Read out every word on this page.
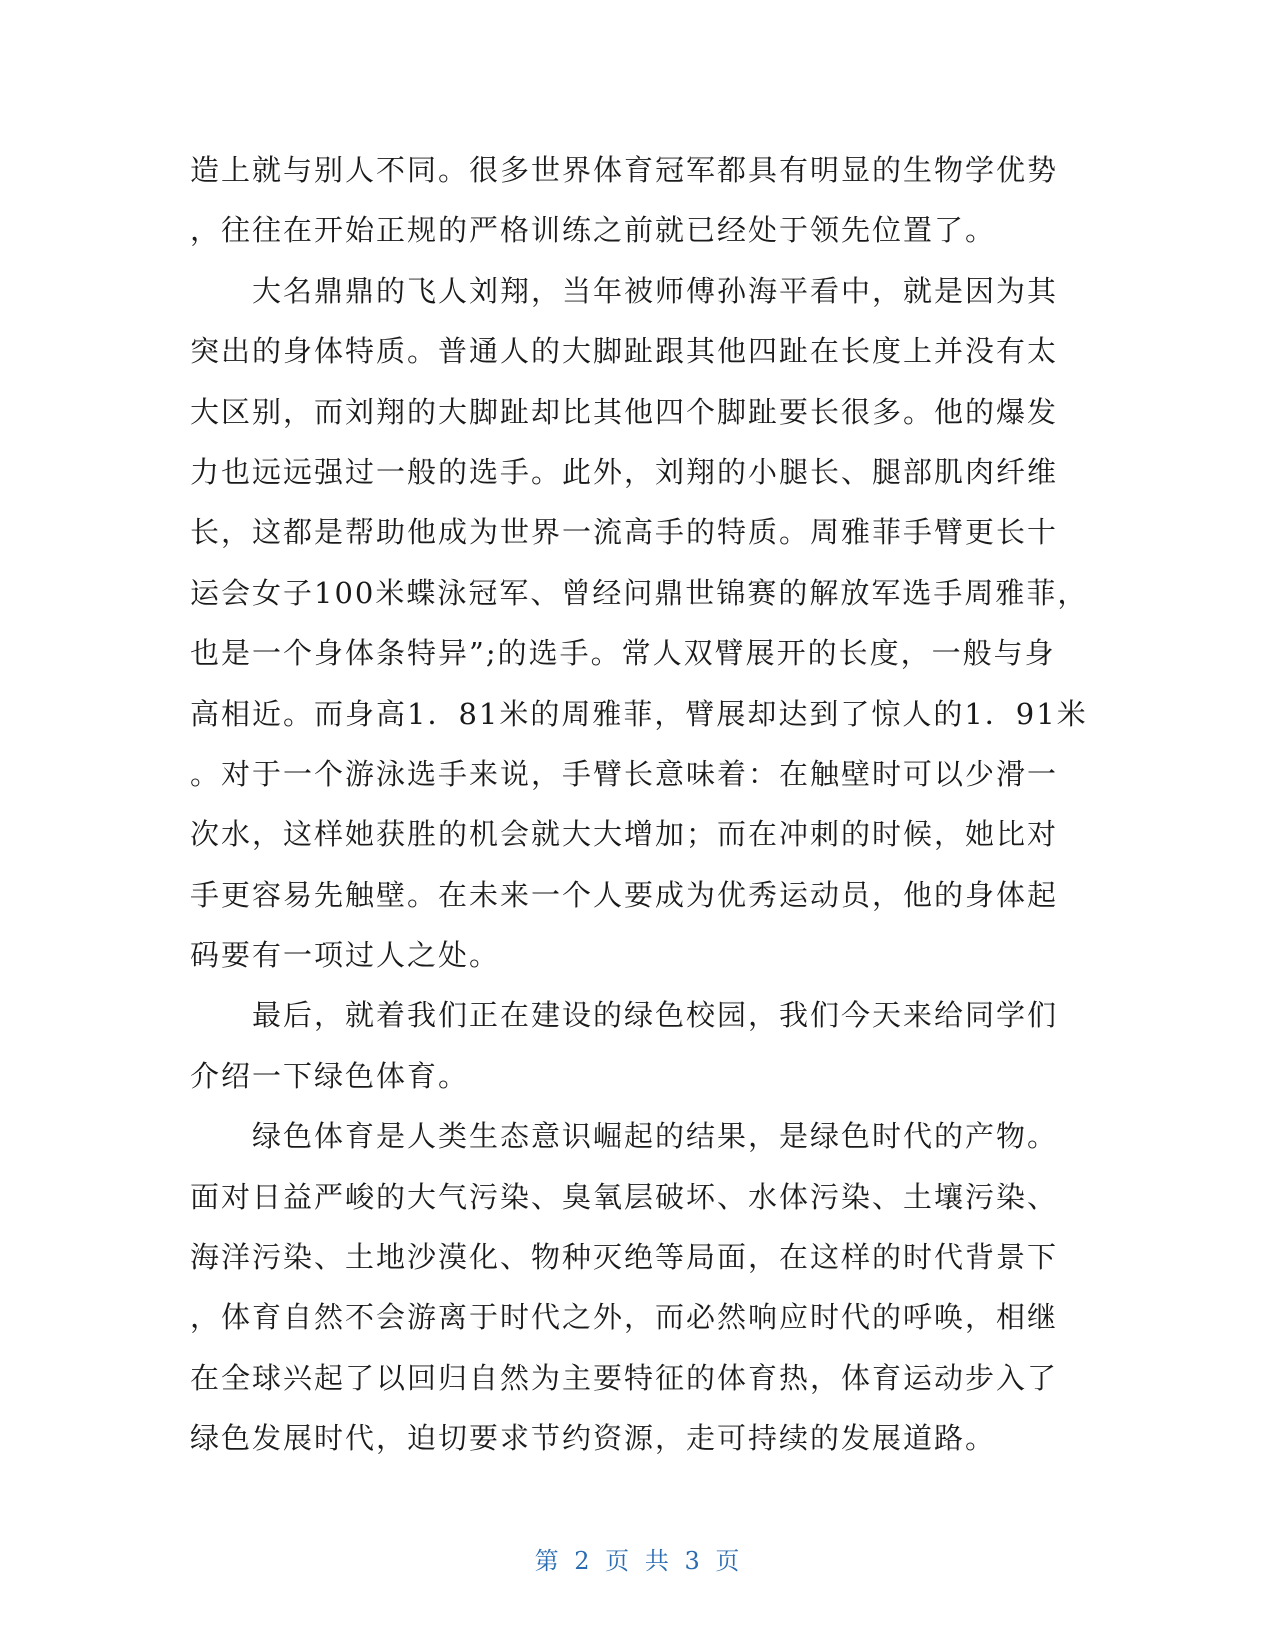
造上就与别人不同。很多世界体育冠军都具有明显的生物学优势
，往往在开始正规的严格训练之前就已经处于领先位置了。
大名鼎鼎的飞人刘翔，当年被师傅孙海平看中，就是因为其
突出的身体特质。普通人的大脚趾跟其他四趾在长度上并没有太
大区别，而刘翔的大脚趾却比其他四个脚趾要长很多。他的爆发
力也远远强过一般的选手。此外，刘翔的小腿长、腿部肌肉纤维
长，这都是帮助他成为世界一流高手的特质。周雅菲手臂更长十
运会女子100米蝶泳冠军、曾经问鼎世锦赛的解放军选手周雅菲，
也是一个身体条特异”;的选手。常人双臂展开的长度，一般与身
高相近。而身高1．81米的周雅菲，臂展却达到了惊人的1．91米
。对于一个游泳选手来说，手臂长意味着：在触壁时可以少滑一
次水，这样她获胜的机会就大大增加；而在冲刺的时候，她比对
手更容易先触壁。在未来一个人要成为优秀运动员，他的身体起
码要有一项过人之处。
最后，就着我们正在建设的绿色校园，我们今天来给同学们
介绍一下绿色体育。
绿色体育是人类生态意识崛起的结果，是绿色时代的产物。
面对日益严峻的大气污染、臭氧层破坏、水体污染、土壤污染、
海洋污染、土地沙漠化、物种灭绝等局面，在这样的时代背景下
，体育自然不会游离于时代之外，而必然响应时代的呼唤，相继
在全球兴起了以回归自然为主要特征的体育热，体育运动步入了
绿色发展时代，迫切要求节约资源，走可持续的发展道路。
第 2 页 共 3 页
